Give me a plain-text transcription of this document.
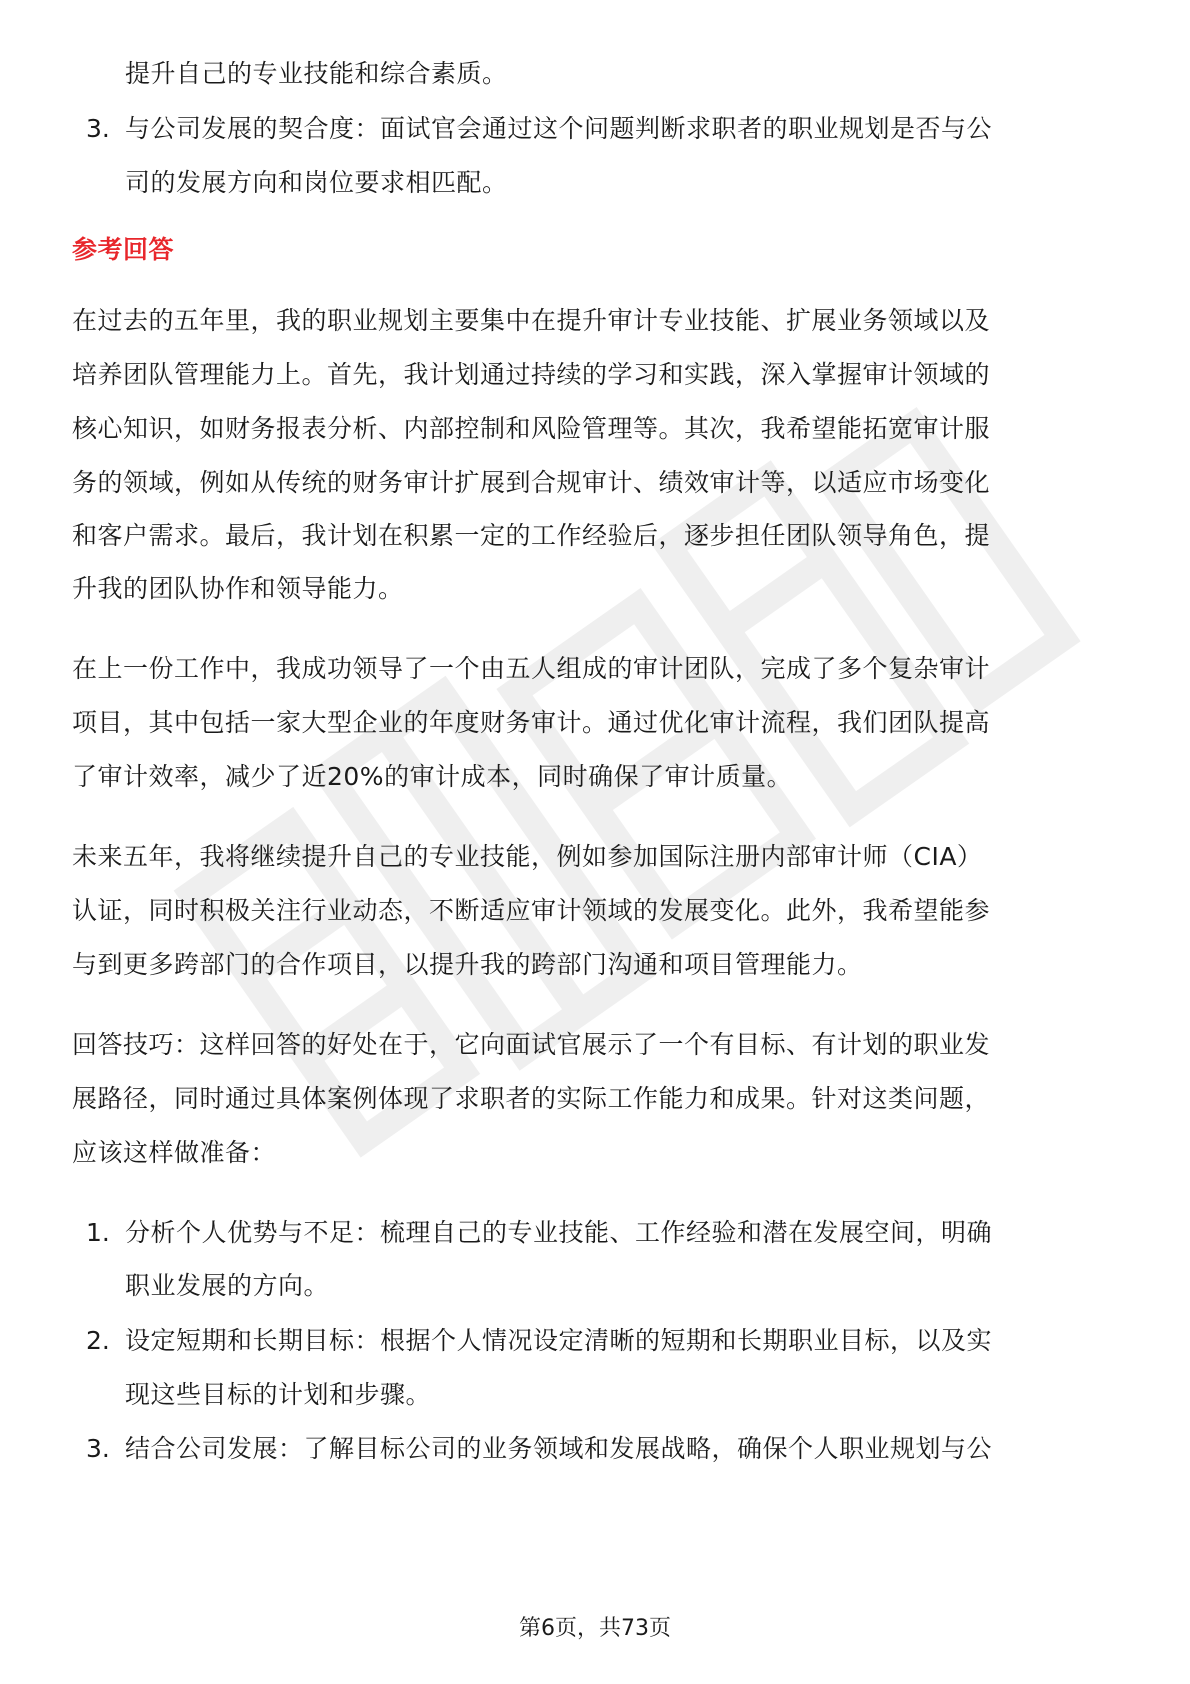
提升自己的专业技能和综合素质。
3. 与公司发展的契合度：面试官会通过这个问题判断求职者的职业规划是否与公
司的发展方向和岗位要求相匹配。
参考回答
在过去的五年里，我的职业规划主要集中在提升审计专业技能、扩展业务领域以及
培养团队管理能力上。首先，我计划通过持续的学习和实践，深入掌握审计领域的
核心知识，如财务报表分析、内部控制和风险管理等。其次，我希望能拓宽审计服
务的领域，例如从传统的财务审计扩展到合规审计、绩效审计等，以适应市场变化
和客户需求。最后，我计划在积累一定的工作经验后，逐步担任团队领导角色，提
升我的团队协作和领导能力。
在上一份工作中，我成功领导了一个由五人组成的审计团队，完成了多个复杂审计
项目，其中包括一家大型企业的年度财务审计。通过优化审计流程，我们团队提高
了审计效率，减少了近20%的审计成本，同时确保了审计质量。
未来五年，我将继续提升自己的专业技能，例如参加国际注册内部审计师（CIA）
认证，同时积极关注行业动态，不断适应审计领域的发展变化。此外，我希望能参
与到更多跨部门的合作项目，以提升我的跨部门沟通和项目管理能力。
回答技巧：这样回答的好处在于，它向面试官展示了一个有目标、有计划的职业发
展路径，同时通过具体案例体现了求职者的实际工作能力和成果。针对这类问题，
应该这样做准备：
1. 分析个人优势与不足：梳理自己的专业技能、工作经验和潜在发展空间，明确
职业发展的方向。
2. 设定短期和长期目标：根据个人情况设定清晰的短期和长期职业目标，以及实
现这些目标的计划和步骤。
3. 结合公司发展：了解目标公司的业务领域和发展战略，确保个人职业规划与公
第6页，共73页
